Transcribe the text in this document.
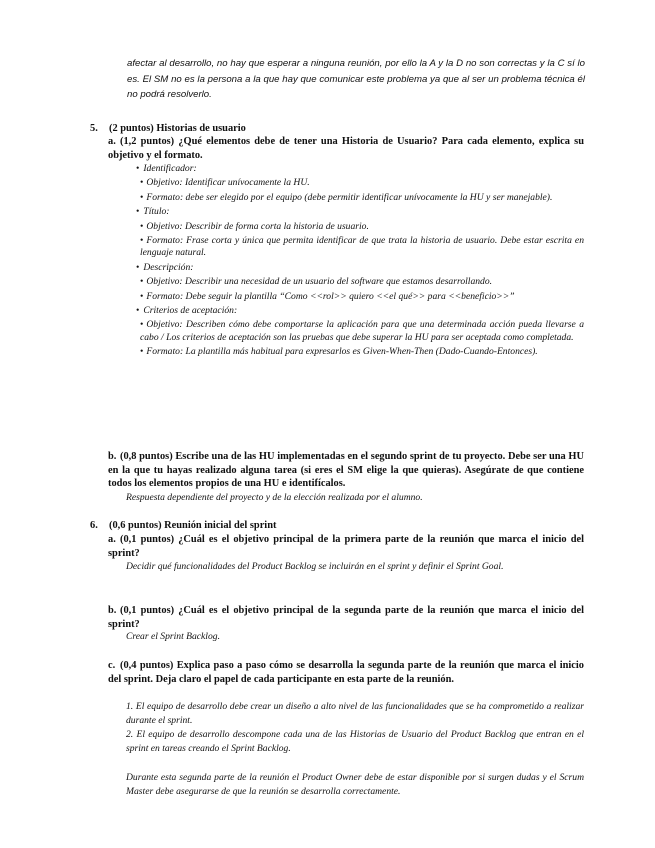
afectar al desarrollo, no hay que esperar a ninguna reunión, por ello la A y la D no son correctas y la C sí lo es. El SM no es la persona a la que hay que comunicar este problema ya que al ser un problema técnica él no podrá resolverlo.

5. (2 puntos) Historias de usuario
a. (1,2 puntos) ¿Qué elementos debe de tener una Historia de Usuario? Para cada elemento, explica su objetivo y el formato.
• Identificador:
• Objetivo: Identificar unívocamente la HU.
• Formato: debe ser elegido por el equipo (debe permitir identificar unívocamente la HU y ser manejable).
• Título:
• Objetivo: Describir de forma corta la historia de usuario.
• Formato: Frase corta y única que permita identificar de que trata la historia de usuario. Debe estar escrita en lenguaje natural.
• Descripción:
• Objetivo: Describir una necesidad de un usuario del software que estamos desarrollando.
• Formato: Debe seguir la plantilla “Como <<rol>> quiero <<el qué>> para <<beneficio>>”
• Criterios de aceptación:
• Objetivo: Describen cómo debe comportarse la aplicación para que una determinada acción pueda llevarse a cabo / Los criterios de aceptación son las pruebas que debe superar la HU para ser aceptada como completada.
• Formato: La plantilla más habitual para expresarlos es Given-When-Then (Dado-Cuando-Entonces).
b. (0,8 puntos) Escribe una de las HU implementadas en el segundo sprint de tu proyecto. Debe ser una HU en la que tu hayas realizado alguna tarea (si eres el SM elige la que quieras). Asegúrate de que contiene todos los elementos propios de una HU e identifícalos.

Respuesta dependiente del proyecto y de la elección realizada por el alumno.

6. (0,6 puntos) Reunión inicial del sprint
a. (0,1 puntos) ¿Cuál es el objetivo principal de la primera parte de la reunión que marca el inicio del sprint?

Decidir qué funcionalidades del Product Backlog se incluirán en el sprint y definir el Sprint Goal.

b. (0,1 puntos) ¿Cuál es el objetivo principal de la segunda parte de la reunión que marca el inicio del sprint?

Crear el Sprint Backlog.

c. (0,4 puntos) Explica paso a paso cómo se desarrolla la segunda parte de la reunión que marca el inicio del sprint. Deja claro el papel de cada participante en esta parte de la reunión.

1. El equipo de desarrollo debe crear un diseño a alto nivel de las funcionalidades que se ha comprometido a realizar durante el sprint.

2. El equipo de desarrollo descompone cada una de las Historias de Usuario del Product Backlog que entran en el sprint en tareas creando el Sprint Backlog.

Durante esta segunda parte de la reunión el Product Owner debe de estar disponible por si surgen dudas y el Scrum Master debe asegurarse de que la reunión se desarrolla correctamente.
